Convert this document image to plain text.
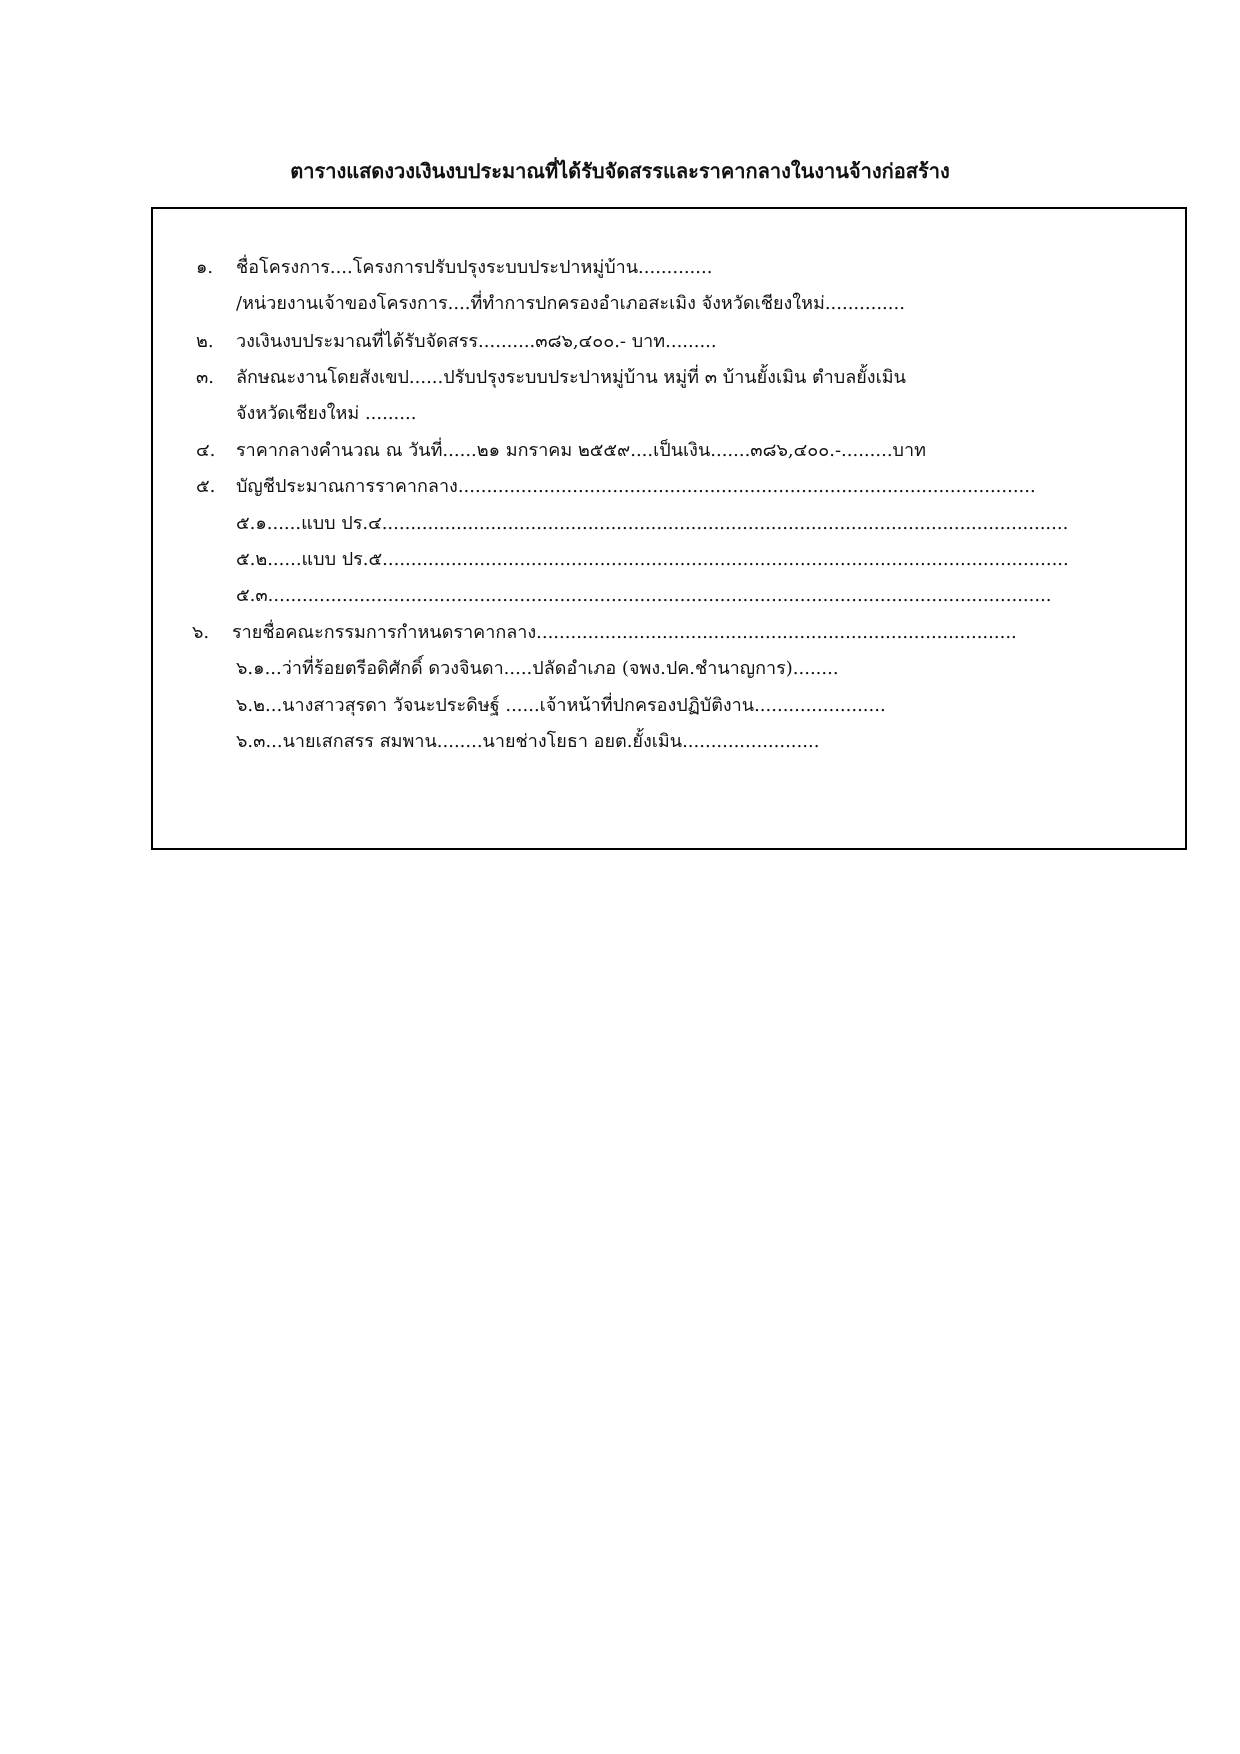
ตารางแสดงวงเงินงบประมาณที่ได้รับจัดสรรและราคากลางในงานจ้างก่อสร้าง
๑. ชื่อโครงการ....โครงการปรับปรุงระบบประปาหมู่บ้าน.............
/หน่วยงานเจ้าของโครงการ....ที่ทำการปกครองอำเภอสะเมิง จังหวัดเชียงใหม่..............
๒. วงเงินงบประมาณที่ได้รับจัดสรร..........๓๘๖,๔๐๐.- บาท.........
๓. ลักษณะงานโดยสังเขป......ปรับปรุงระบบประปาหมู่บ้าน หมู่ที่ ๓ บ้านยั้งเมิน ตำบลยั้งเมิน
จังหวัดเชียงใหม่ .........
๔. ราคากลางคำนวณ ณ วันที่......๒๑ มกราคม ๒๕๕๙....เป็นเงิน.......๓๘๖,๔๐๐.-.........บาท
๕. บัญชีประมาณการราคากลาง.....................................................................................................
๕.๑......แบบ ปร.๔........................................................................................................................
๕.๒......แบบ ปร.๕........................................................................................................................
๕.๓.........................................................................................................................................
๖. รายชื่อคณะกรรมการกำหนดราคากลาง....................................................................................
๖.๑...ว่าที่ร้อยตรีอดิศักดิ์ ดวงจินดา.....ปลัดอำเภอ (จพง.ปค.ชำนาญการ)........
๖.๒...นางสาวสุรดา วัจนะประดิษฐ์ ......เจ้าหน้าที่ปกครองปฏิบัติงาน.......................
๖.๓...นายเสกสรร สมพาน........นายช่างโยธา อยต.ยั้งเมิน........................
